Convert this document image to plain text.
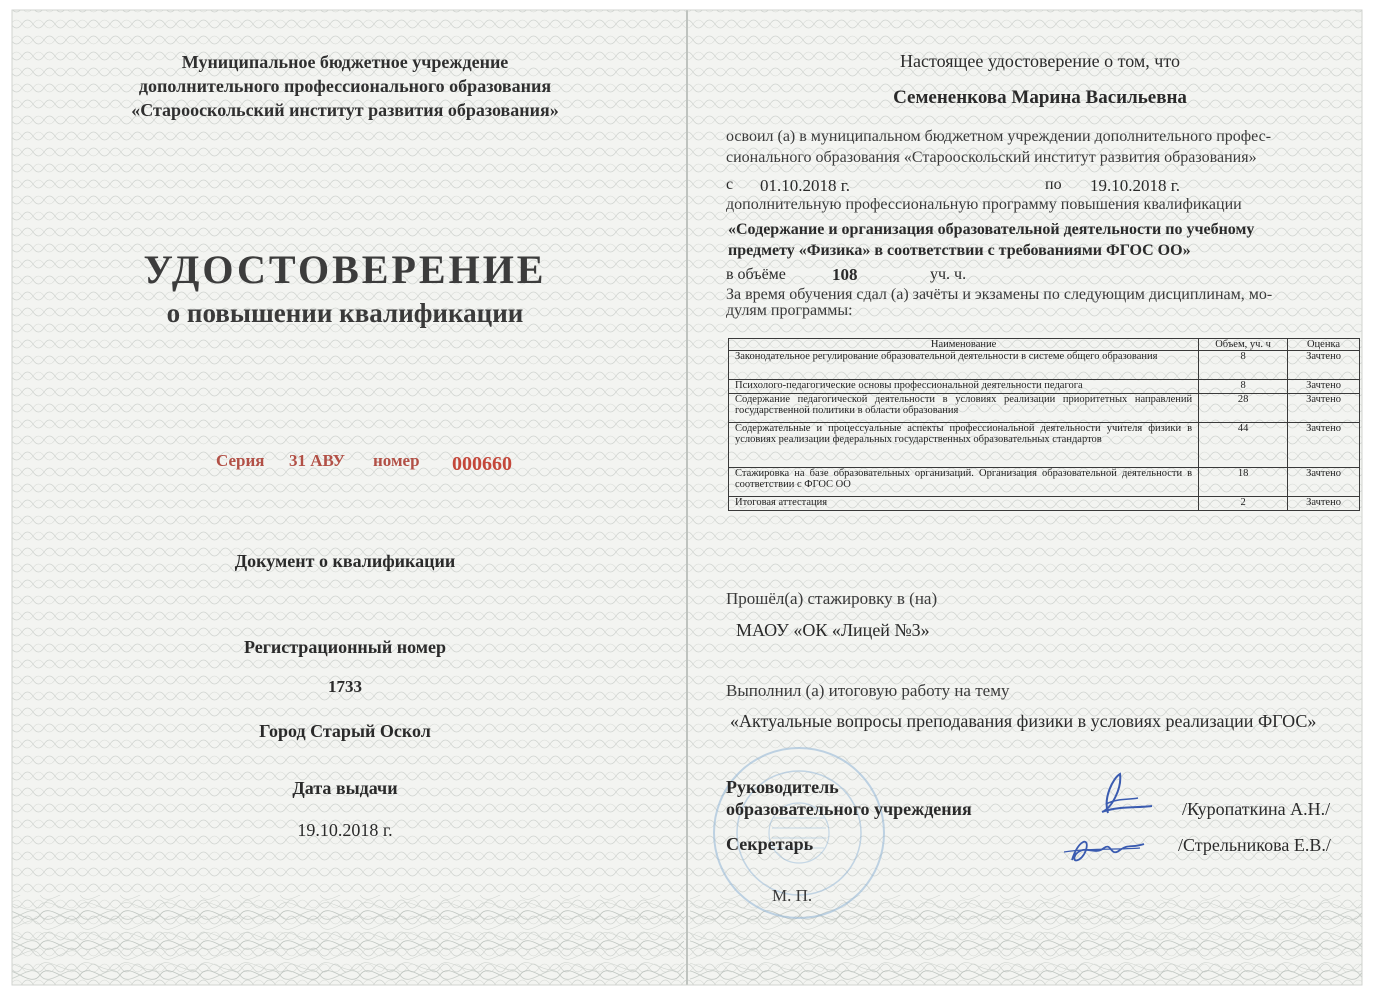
Муниципальное бюджетное учреждение
дополнительного профессионального образования
«Старооскольский институт развития образования»
УДОСТОВЕРЕНИЕ
о повышении квалификации
Серия 31 АВУ номер 000660
Документ о квалификации
Регистрационный номер
1733
Город Старый Оскол
Дата выдачи
19.10.2018 г.
Настоящее удостоверение о том, что
Семененкова Марина Васильевна
освоил (а) в муниципальном бюджетном учреждении дополнительного профес-
сионального образования «Старооскольский институт развития образования»
с 01.10.2018 г.	по 19.10.2018 г.
дополнительную профессиональную программу повышения квалификации
«Содержание и организация образовательной деятельности по учебному
предмету «Физика» в соответствии с требованиями ФГОС ОО»
в объёме	108	уч. ч.
За время обучения сдал (а) зачёты и экзамены по следующим дисциплинам, мо-
дулям программы:
Наименование	Объем, уч. ч	Оценка
Законодательное регулирование образовательной деятельности в системе общего образования	8	Зачтено
Психолого-педагогические основы профессиональной деятельности педагога	8	Зачтено
Содержание педагогической деятельности в условиях реализации приоритетных направлений государственной политики в области образования	28	Зачтено
Содержательные и процессуальные аспекты профессиональной деятельности учителя физики в условиях реализации федеральных государственных образовательных стандартов	44	Зачтено
Стажировка на базе образовательных организаций. Организация образовательной деятельности в соответствии с ФГОС ОО	18	Зачтено
Итоговая аттестация	2	Зачтено
Прошёл(а) стажировку в (на)
МАОУ «ОК «Лицей №3»
Выполнил (а) итоговую работу на тему
«Актуальные вопросы преподавания физики в условиях реализации ФГОС»
Руководитель
образовательного учреждения	/Куропаткина А.Н./
Секретарь	/Стрельникова Е.В./
М. П.
